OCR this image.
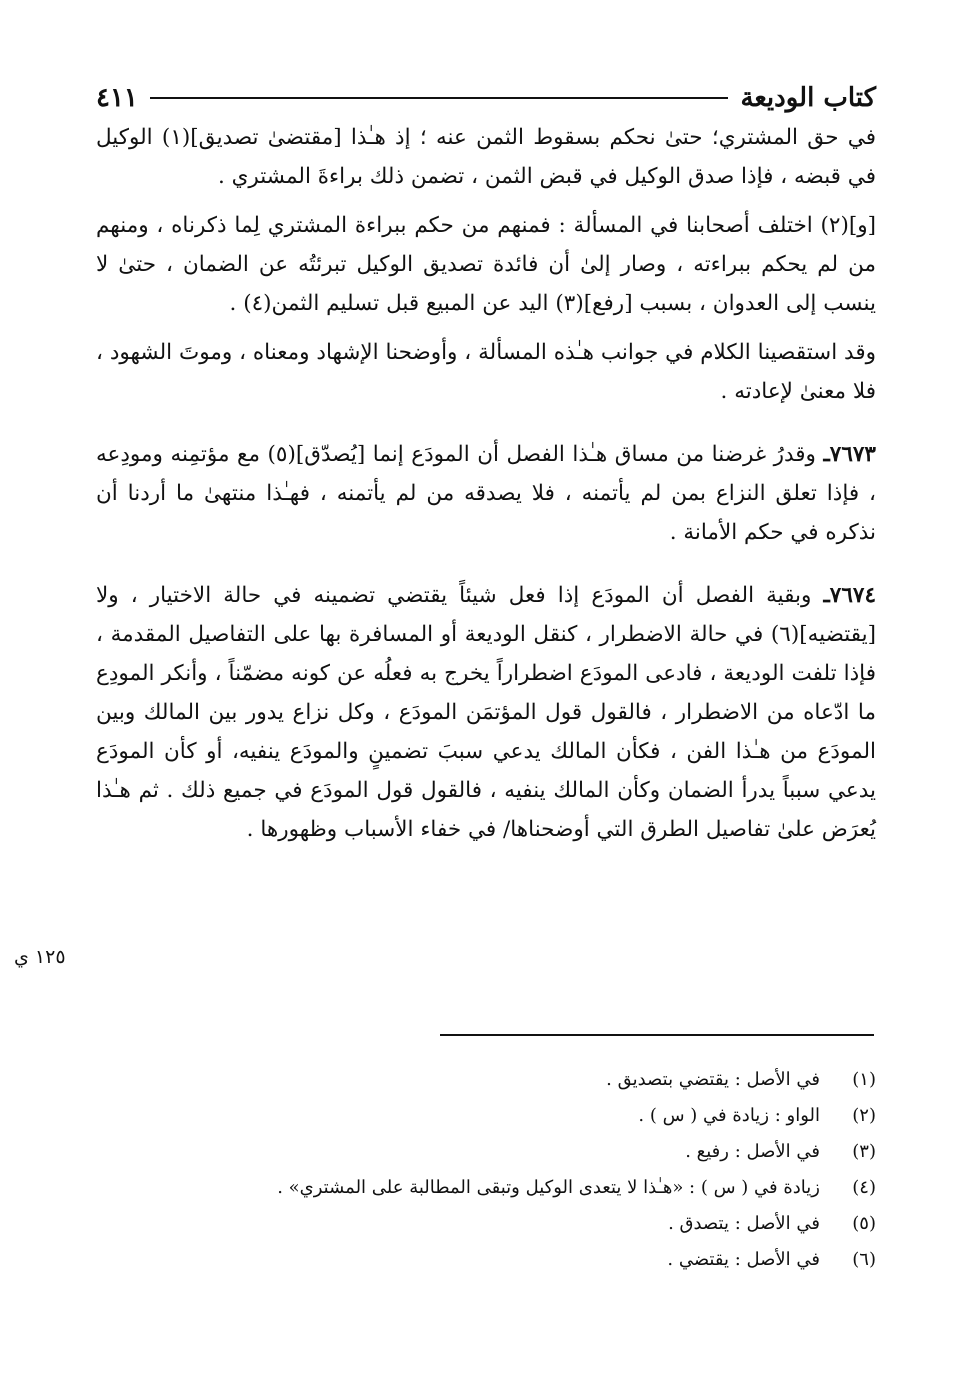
كتاب الوديعة
٤١١

في حق المشتري؛ حتىٰ نحكم بسقوط الثمن عنه ؛ إذ هـٰذا [مقتضىٰ تصديق](١) الوكيل في قبضه ، فإذا صدق الوكيل في قبض الثمن ، تضمن ذلك براءةَ المشتري .

[و](٢) اختلف أصحابنا في المسألة : فمنهم من حكم ببراءة المشتري لِما ذكرناه ، ومنهم من لم يحكم ببراءته ، وصار إلىٰ أن فائدة تصديق الوكيل تبرئتُه عن الضمان ، حتىٰ لا ينسب إلى العدوان ، بسبب [رفع](٣) اليد عن المبيع قبل تسليم الثمن(٤) .

وقد استقصينا الكلام في جوانب هـٰذه المسألة ، وأوضحنا الإشهاد ومعناه ، وموتَ الشهود ، فلا معنىٰ لإعادته .

٧٦٧٣ـ وقدرُ غرضنا من مساق هـٰذا الفصل أن المودَع إنما [يُصدّق](٥) مع مؤتمِنه ومودِعه ، فإذا تعلق النزاع بمن لم يأتمنه ، فلا يصدقه من لم يأتمنه ، فهـٰذا منتهىٰ ما أردنا أن نذكره في حكم الأمانة .

٧٦٧٤ـ وبقية الفصل أن المودَع إذا فعل شيئاً يقتضي تضمينه في حالة الاختيار ، ولا [يقتضيه](٦) في حالة الاضطرار ، كنقل الوديعة أو المسافرة بها على التفاصيل المقدمة ، فإذا تلفت الوديعة ، فادعى المودَع اضطراراً يخرج به فعلُه عن كونه مضمّناً ، وأنكر المودِع ما ادّعاه من الاضطرار ، فالقول قول المؤتمَن المودَع ، وكل نزاع يدور بين المالك وبين المودَع من هـٰذا الفن ، فكأن المالك يدعي سببَ تضمينٍ والمودَع ينفيه، أو كأن المودَع يدعي سبباً يدرأ الضمان وكأن المالك ينفيه ، فالقول قول المودَع في جميع ذلك . ثم هـٰذا يُعرَض علىٰ تفاصيل الطرق التي أوضحناها/ في خفاء الأسباب وظهورها .

١٢٥ ي
(١)
في الأصل : يقتضي بتصديق .
(٢)
الواو : زيادة في ( س ) .
(٣)
في الأصل : رفيع .
(٤)
زيادة في ( س ) : «هـٰذا لا يتعدى الوكيل وتبقى المطالبة على المشتري» .
(٥)
في الأصل : يتصدق .
(٦)
في الأصل : يقتضي .
